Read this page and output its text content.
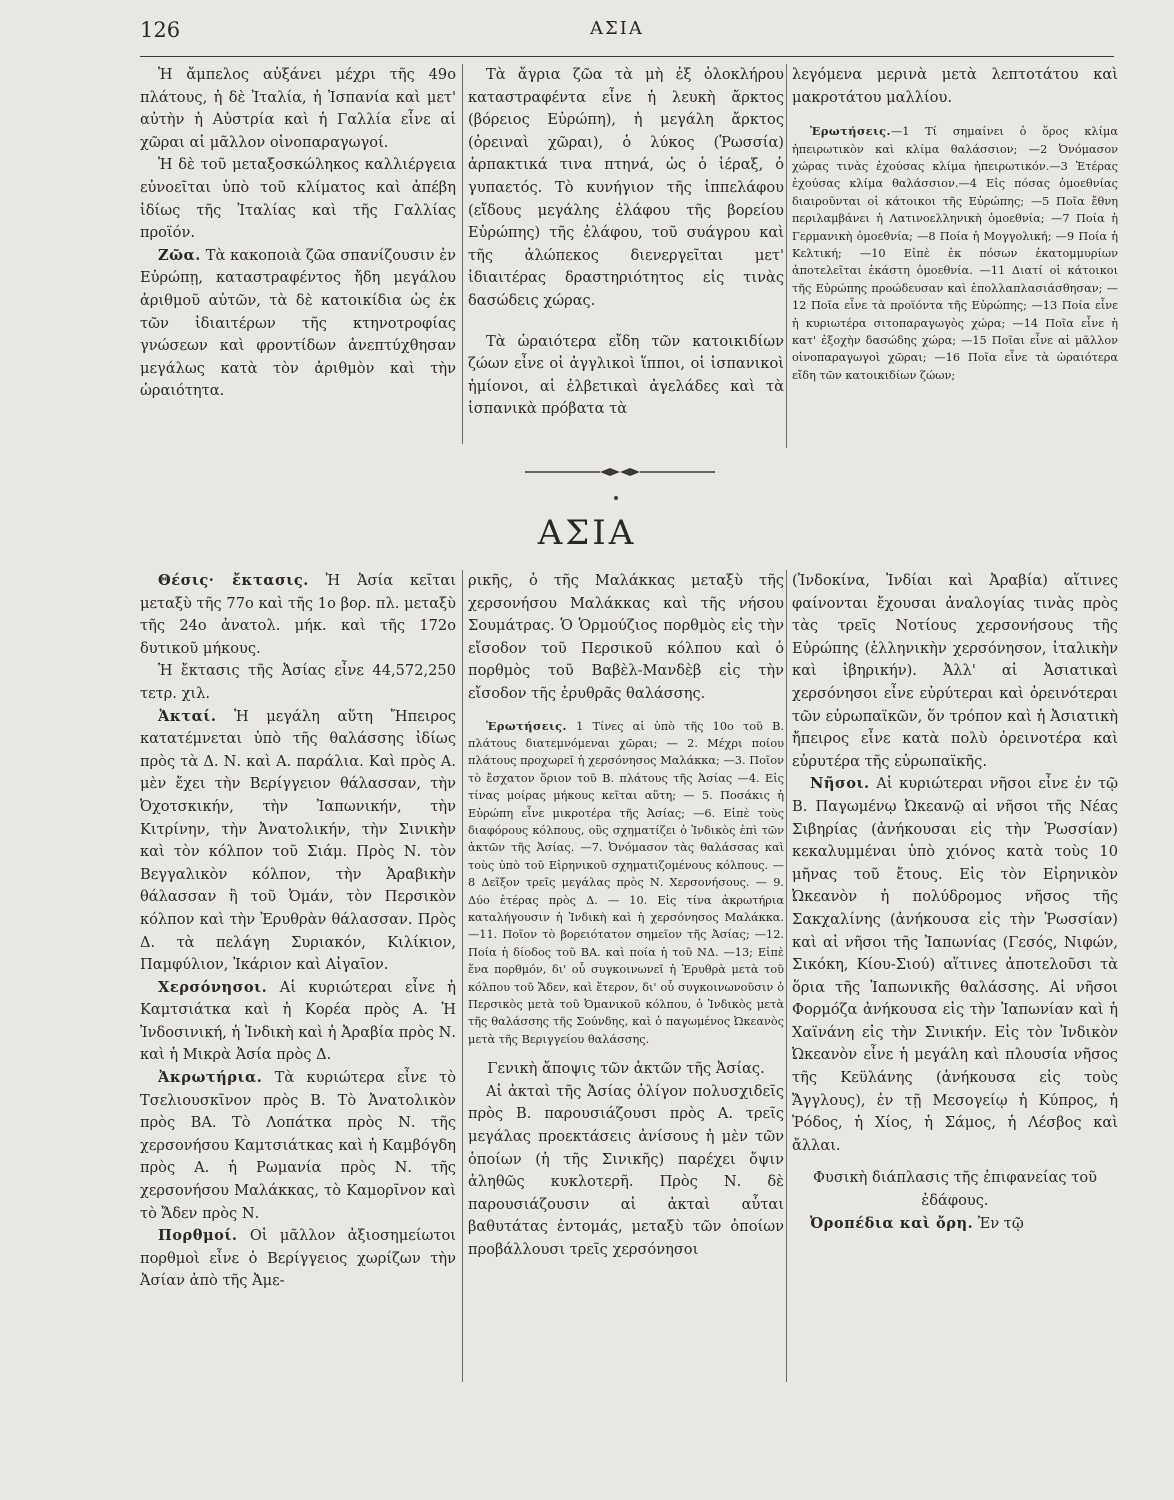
126	ΑΣΙΑ

Ἡ ἄμπελος αὐξάνει μέχρι τῆς 49ο πλάτους, ἡ δὲ Ἰταλία, ἡ Ἱσπανία καὶ μετ' αὐτὴν ἡ Αὐστρία καὶ ἡ Γαλλία εἶνε αἱ χῶραι αἱ μᾶλλον οἰνοπαραγωγοί.

Ἡ δὲ τοῦ μεταξοσκώληκος καλλιέργεια εὐνοεῖται ὑπὸ τοῦ κλίματος καὶ ἀπέβη ἰδίως τῆς Ἰταλίας καὶ τῆς Γαλλίας προϊόν.

Ζῶα. Τὰ κακοποιὰ ζῶα σπανίζουσιν ἐν Εὐρώπῃ, καταστραφέντος ἤδη μεγάλου ἀριθμοῦ αὐτῶν, τὰ δὲ κατοικίδια ὡς ἐκ τῶν ἰδιαιτέρων τῆς κτηνοτροφίας γνώσεων καὶ φροντίδων ἀνεπτύχθησαν μεγάλως κατὰ τὸν ἀριθμὸν καὶ τὴν ὡραιότητα.

Τὰ ἄγρια ζῶα τὰ μὴ ἐξ ὁλοκλήρου καταστραφέντα εἶνε ἡ λευκὴ ἄρκτος (βόρειος Εὐρώπη), ἡ μεγάλη ἄρκτος (ὀρειναὶ χῶραι), ὁ λύκος (Ῥωσσία) ἁρπακτικά τινα πτηνά, ὡς ὁ ἱέραξ, ὁ γυπαετός. Τὸ κυνήγιον τῆς ἱππελάφου (εἴδους μεγάλης ἐλάφου τῆς βορείου Εὐρώπης) τῆς ἐλάφου, τοῦ συάγρου καὶ τῆς ἀλώπεκος διενεργεῖται μετ' ἰδιαιτέρας δραστηριότητος εἰς τινὰς δασώδεις χώρας.

Τὰ ὡραιότερα εἴδη τῶν κατοικιδίων ζώων εἶνε οἱ ἀγγλικοὶ ἵπποι, οἱ ἱσπανικοὶ ἡμίονοι, αἱ ἐλβετικαὶ ἀγελάδες καὶ τὰ ἱσπανικὰ πρόβατα τὰ

λεγόμενα μερινὰ μετὰ λεπτοτάτου καὶ μακροτάτου μαλλίου.

Ἐρωτήσεις.—1 Τί σημαίνει ὁ ὅρος κλίμα ἠπειρωτικὸν καὶ κλίμα θαλάσσιον; —2 Ὀνόμασον χώρας τινὰς ἐχούσας κλίμα ἠπειρωτικόν.—3 Ἑτέρας ἐχούσας κλίμα θαλάσσιον.—4 Εἰς πόσας ὁμοεθνίας διαιροῦνται οἱ κάτοικοι τῆς Εὐρώπης; —5 Ποῖα ἔθνη περιλαμβάνει ἡ Λατινοελληνικὴ ὁμοεθνία; —7 Ποία ἡ Γερμανικὴ ὁμοεθνία; —8 Ποία ἡ Μογγολική; —9 Ποία ἡ Κελτική; —10 Εἰπὲ ἐκ πόσων ἑκατομμυρίων ἀποτελεῖται ἑκάστη ὁμοεθνία. —11 Διατί οἱ κάτοικοι τῆς Εὐρώπης προώδευσαν καὶ ἐπολλαπλασιάσθησαν; —12 Ποῖα εἶνε τὰ προϊόντα τῆς Εὐρώπης; —13 Ποία εἶνε ἡ κυριωτέρα σιτοπαραγωγὸς χώρα; —14 Ποῖα εἶνε ἡ κατ' ἐξοχὴν δασώδης χώρα; —15 Ποῖαι εἶνε αἱ μᾶλλον οἰνοπαραγωγοὶ χῶραι; —16 Ποῖα εἶνε τὰ ὡραιότερα εἴδη τῶν κατοικιδίων ζώων;

ΑΣΙΑ

Θέσις· ἔκτασις. Ἡ Ἀσία κεῖται μεταξὺ τῆς 77ο καὶ τῆς 1ο βορ. πλ. μεταξὺ τῆς 24ο ἀνατολ. μήκ. καὶ τῆς 172ο δυτικοῦ μήκους.

Ἡ ἔκτασις τῆς Ἀσίας εἶνε 44,572,250 τετρ. χιλ.

Ἀκταί. Ἡ μεγάλη αὕτη Ἤπειρος κατατέμνεται ὑπὸ τῆς θαλάσσης ἰδίως πρὸς τὰ Δ. Ν. καὶ Α. παράλια. Καὶ πρὸς Α. μὲν ἔχει τὴν Βερίγγειον θάλασσαν, τὴν Ὀχοτσκικήν, τὴν Ἰαπωνικήν, τὴν Κιτρίνην, τὴν Ἀνατολικήν, τὴν Σινικὴν καὶ τὸν κόλπον τοῦ Σιάμ. Πρὸς Ν. τὸν Βεγγαλικὸν κόλπον, τὴν Ἀραβικὴν θάλασσαν ἢ τοῦ Ὀμάν, τὸν Περσικὸν κόλπον καὶ τὴν Ἐρυθρὰν θάλασσαν. Πρὸς Δ. τὰ πελάγη Συριακόν, Κιλίκιον, Παμφύλιον, Ἰκάριον καὶ Αἰγαῖον.

Χερσόνησοι. Αἱ κυριώτεραι εἶνε ἡ Καμτσιάτκα καὶ ἡ Κορέα πρὸς Α. Ἡ Ἰνδοσινική, ἡ Ἰνδικὴ καὶ ἡ Ἀραβία πρὸς Ν. καὶ ἡ Μικρὰ Ἀσία πρὸς Δ.

Ἀκρωτήρια. Τὰ κυριώτερα εἶνε τὸ Τσελιουσκῖνον πρὸς Β. Τὸ Ἀνατολικὸν πρὸς ΒΑ. Τὸ Λοπάτκα πρὸς Ν. τῆς χερσονήσου Καμτσιάτκας καὶ ἡ Καμβόγδη πρὸς Α. ἡ Ρωμανία πρὸς Ν. τῆς χερσονήσου Μαλάκκας, τὸ Καμορῖνον καὶ τὸ Ἄδεν πρὸς Ν.

Πορθμοί. Οἱ μᾶλλον ἀξιοσημείωτοι πορθμοὶ εἶνε ὁ Βερίγγειος χωρίζων τὴν Ἀσίαν ἀπὸ τῆς Ἀμε-

ρικῆς, ὁ τῆς Μαλάκκας μεταξὺ τῆς χερσονήσου Μαλάκκας καὶ τῆς νήσου Σουμάτρας. Ὁ Ὁρμούζιος πορθμὸς εἰς τὴν εἴσοδον τοῦ Περσικοῦ κόλπου καὶ ὁ πορθμὸς τοῦ Βαβὲλ-Μανδὲβ εἰς τὴν εἴσοδον τῆς ἐρυθρᾶς θαλάσσης.

Ἐρωτήσεις. 1 Τίνες αἱ ὑπὸ τῆς 10ο τοῦ Β. πλάτους διατεμνόμεναι χῶραι; — 2. Μέχρι ποίου πλάτους προχωρεῖ ἡ χερσόνησος Μαλάκκα; —3. Ποῖον τὸ ἔσχατον ὅριον τοῦ Β. πλάτους τῆς Ἀσίας —4. Εἰς τίνας μοίρας μήκους κεῖται αὕτη; — 5. Ποσάκις ἡ Εὐρώπη εἶνε μικροτέρα τῆς Ἀσίας; —6. Εἰπὲ τοὺς διαφόρους κόλπους, οὓς σχηματίζει ὁ Ἰνδικὸς ἐπὶ τῶν ἀκτῶν τῆς Ἀσίας. —7. Ὀνόμασον τὰς θαλάσσας καὶ τοὺς ὑπὸ τοῦ Εἰρηνικοῦ σχηματιζομένους κόλπους. —8 Δεῖξον τρεῖς μεγάλας πρὸς Ν. Χερσονήσους. — 9. Δύο ἑτέρας πρὸς Δ. — 10. Εἰς τίνα ἀκρωτήρια καταλήγουσιν ἡ Ἰνδικὴ καὶ ἡ χερσόνησος Μαλάκκα. —11. Ποῖον τὸ βορειότατον σημεῖον τῆς Ἀσίας; —12. Ποία ἡ δίοδος τοῦ ΒΑ. καὶ ποία ἡ τοῦ ΝΔ. —13; Εἰπὲ ἕνα πορθμόν, δι' οὗ συγκοινωνεῖ ἡ Ἐρυθρὰ μετὰ τοῦ κόλπου τοῦ Ἄδεν, καὶ ἕτερον, δι' οὗ συγκοινωνοῦσιν ὁ Περσικὸς μετὰ τοῦ Ὀμανικοῦ κόλπου, ὁ Ἰνδικὸς μετὰ τῆς θαλάσσης τῆς Σούνδης, καὶ ὁ παγωμένος Ὠκεανὸς μετὰ τῆς Βεριγγείου θαλάσσης.

Γενικὴ ἄποψις τῶν ἀκτῶν τῆς Ἀσίας.

Αἱ ἀκταὶ τῆς Ἀσίας ὀλίγον πολυσχιδεῖς πρὸς Β. παρουσιάζουσι πρὸς Α. τρεῖς μεγάλας προεκτάσεις ἀνίσους ἡ μὲν τῶν ὁποίων (ἡ τῆς Σινικῆς) παρέχει ὄψιν ἀληθῶς κυκλοτερῆ. Πρὸς Ν. δὲ παρουσιάζουσιν αἱ ἀκταὶ αὗται βαθυτάτας ἐντομάς, μεταξὺ τῶν ὁποίων προβάλλουσι τρεῖς χερσόνησοι

(Ἰνδοκίνα, Ἰνδίαι καὶ Ἀραβία) αἵτινες φαίνονται ἔχουσαι ἀναλογίας τινὰς πρὸς τὰς τρεῖς Νοτίους χερσονήσους τῆς Εὐρώπης (ἑλληνικὴν χερσόνησον, ἰταλικὴν καὶ ἰβηρικήν). Ἀλλ' αἱ Ἀσιατικαὶ χερσόνησοι εἶνε εὐρύτεραι καὶ ὀρεινότεραι τῶν εὐρωπαϊκῶν, ὅν τρόπον καὶ ἡ Ἀσιατικὴ ἤπειρος εἶνε κατὰ πολὺ ὀρεινοτέρα καὶ εὐρυτέρα τῆς εὐρωπαϊκῆς.

Νῆσοι. Αἱ κυριώτεραι νῆσοι εἶνε ἐν τῷ Β. Παγωμένῳ Ὠκεανῷ αἱ νῆσοι τῆς Νέας Σιβηρίας (ἀνήκουσαι εἰς τὴν Ῥωσσίαν) κεκαλυμμέναι ὑπὸ χιόνος κατὰ τοὺς 10 μῆνας τοῦ ἔτους. Εἰς τὸν Εἰρηνικὸν Ὠκεανὸν ἡ πολύδρομος νῆσος τῆς Σακχαλίνης (ἀνήκουσα εἰς τὴν Ῥωσσίαν) καὶ αἱ νῆσοι τῆς Ἰαπωνίας (Γεσός, Νιφών, Σικόκη, Κίου-Σιού) αἵτινες ἀποτελοῦσι τὰ ὅρια τῆς Ἰαπωνικῆς θαλάσσης. Αἱ νῆσοι Φορμόζα ἀνήκουσα εἰς τὴν Ἰαπωνίαν καὶ ἡ Χαϊνάνη εἰς τὴν Σινικήν. Εἰς τὸν Ἰνδικὸν Ὠκεανὸν εἶνε ἡ μεγάλη καὶ πλουσία νῆσος τῆς Κεϋλάνης (ἀνήκουσα εἰς τοὺς Ἄγγλους), ἐν τῇ Μεσογείῳ ἡ Κύπρος, ἡ Ῥόδος, ἡ Χίος, ἡ Σάμος, ἡ Λέσβος καὶ ἄλλαι.

Φυσικὴ διάπλασις τῆς ἐπιφανείας τοῦ ἐδάφους.

Ὀροπέδια καὶ ὄρη. Ἐν τῷ
